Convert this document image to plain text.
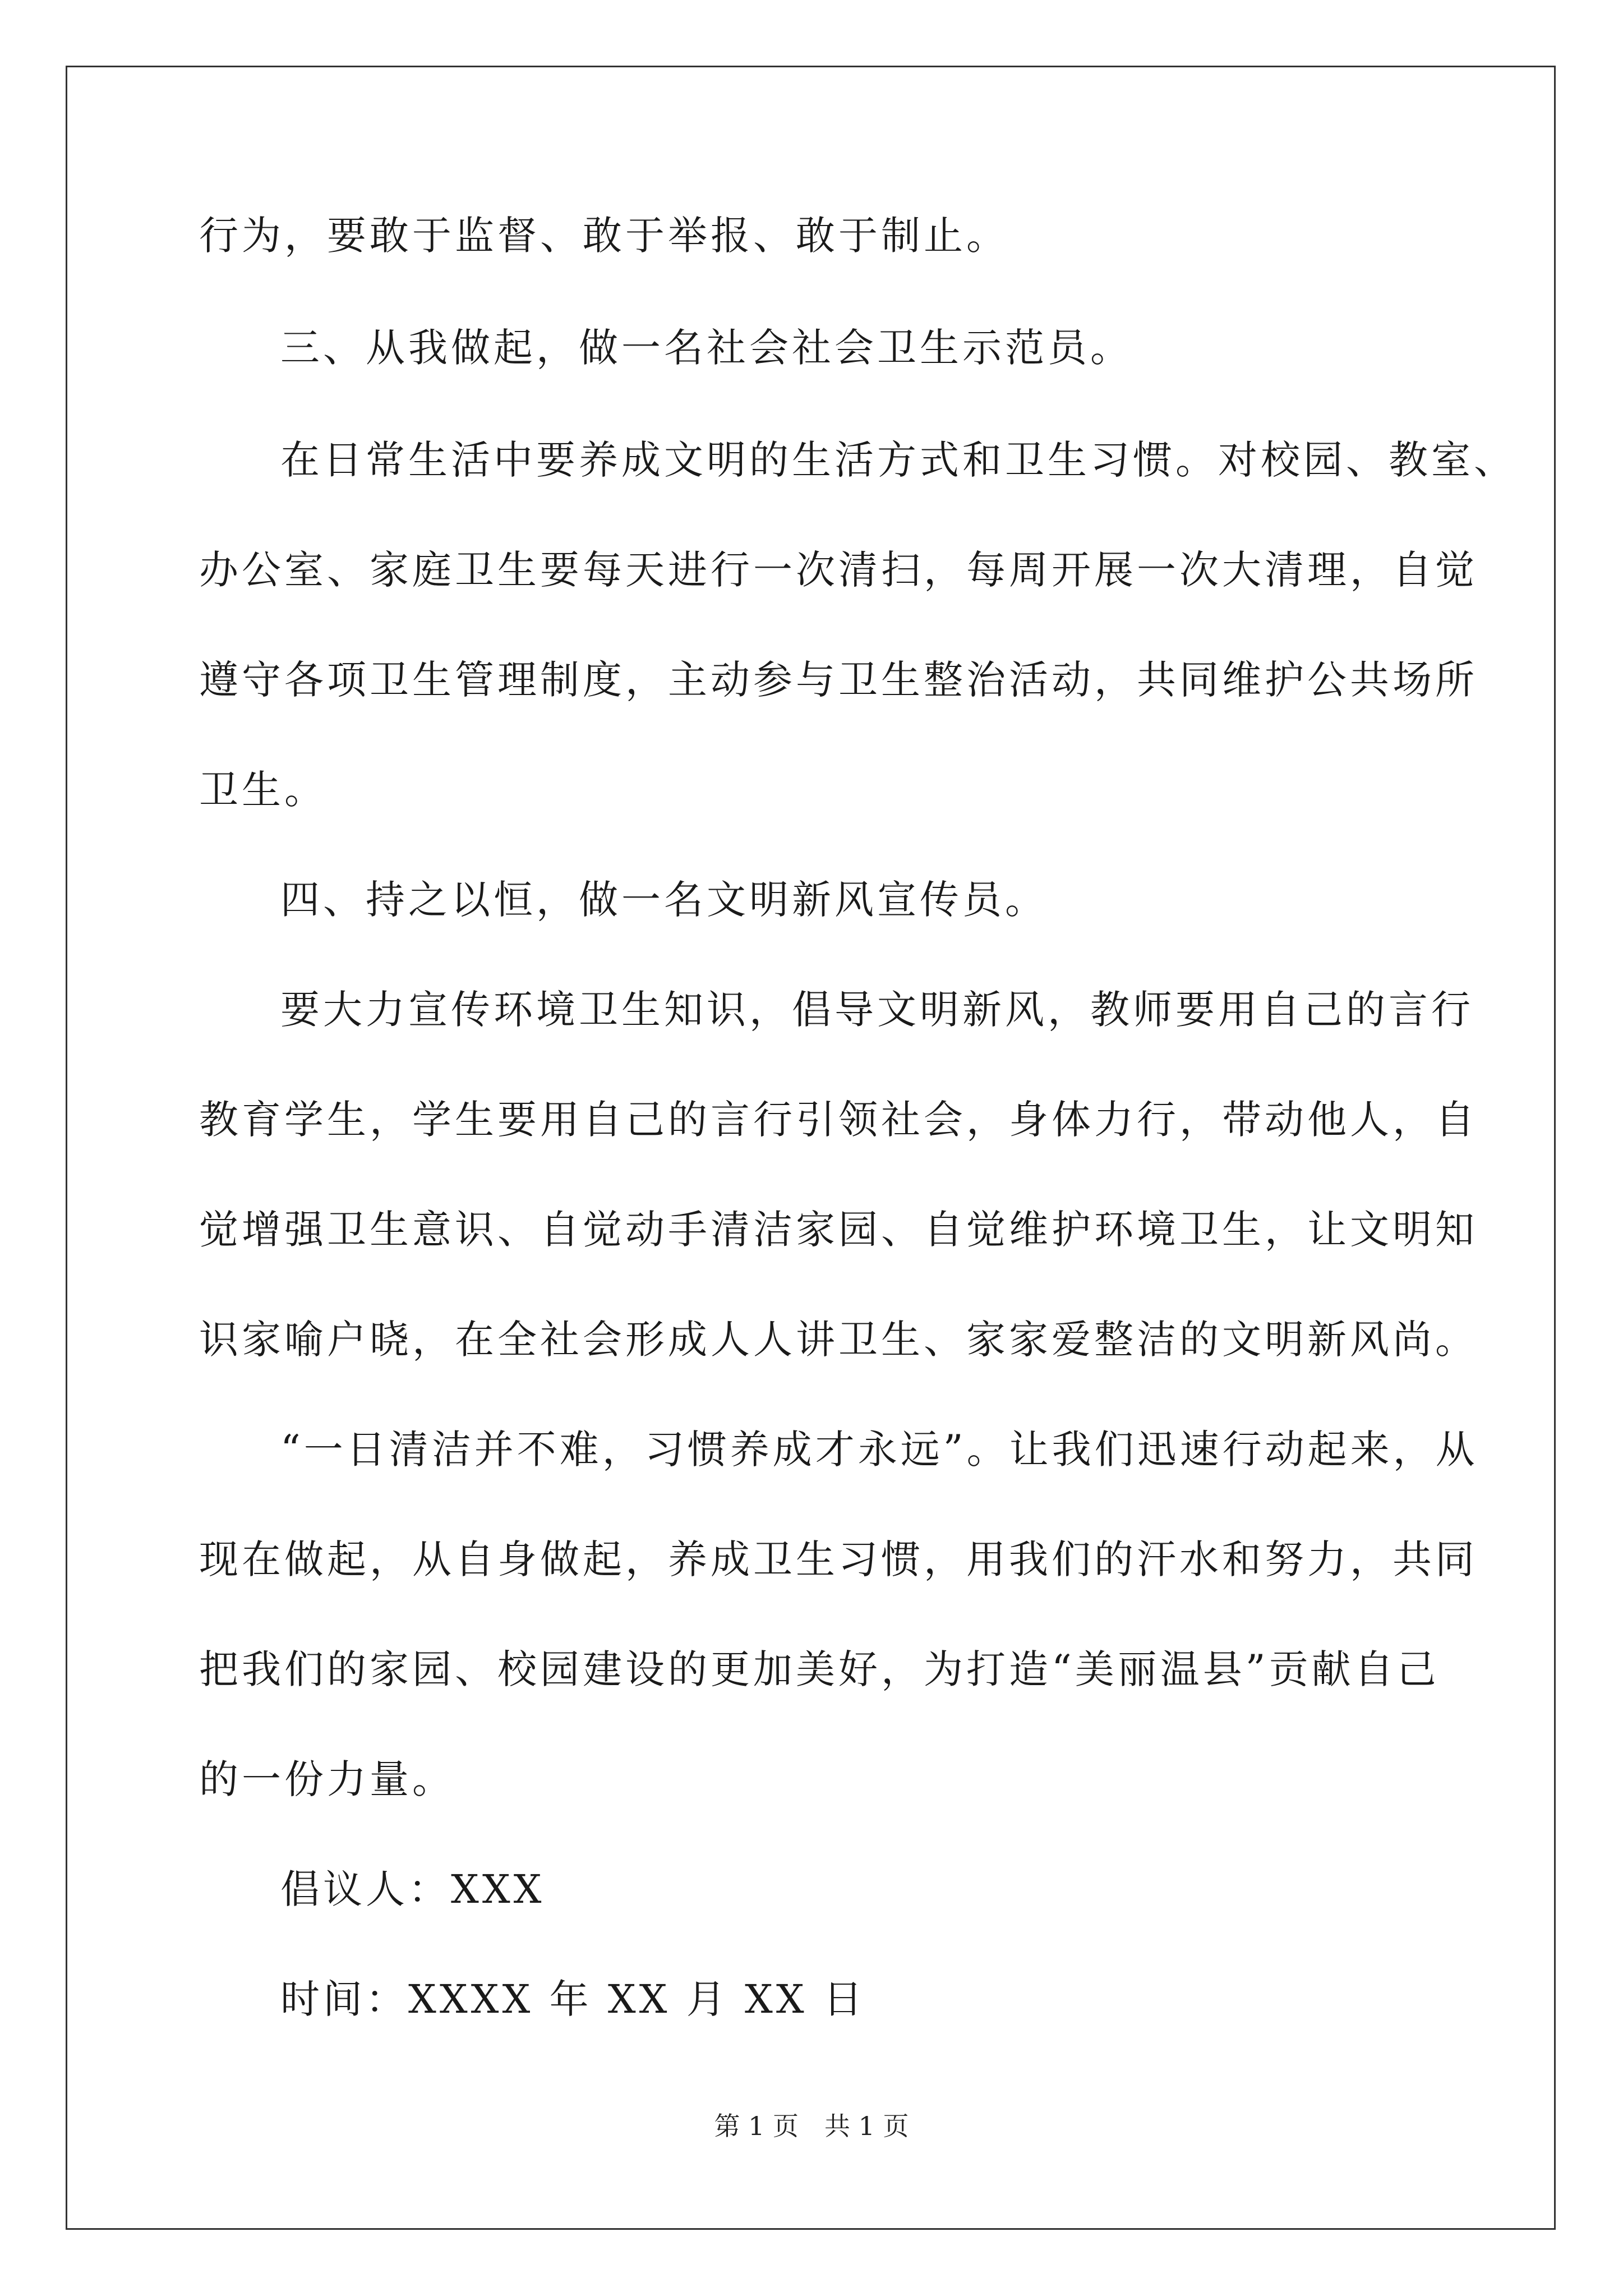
行为，要敢于监督、敢于举报、敢于制止。
三、从我做起，做一名社会社会卫生示范员。
在日常生活中要养成文明的生活方式和卫生习惯。对校园、教室、
办公室、家庭卫生要每天进行一次清扫，每周开展一次大清理，自觉
遵守各项卫生管理制度，主动参与卫生整治活动，共同维护公共场所
卫生。
四、持之以恒，做一名文明新风宣传员。
要大力宣传环境卫生知识，倡导文明新风，教师要用自己的言行
教育学生，学生要用自己的言行引领社会，身体力行，带动他人，自
觉增强卫生意识、自觉动手清洁家园、自觉维护环境卫生，让文明知
识家喻户晓，在全社会形成人人讲卫生、家家爱整洁的文明新风尚。
“一日清洁并不难，习惯养成才永远”。让我们迅速行动起来，从
现在做起，从自身做起，养成卫生习惯，用我们的汗水和努力，共同
把我们的家园、校园建设的更加美好，为打造“美丽温县”贡献自己
的一份力量。
倡议人：XXX
时间：XXXX 年 XX 月 XX 日
第 1 页　共 1 页
